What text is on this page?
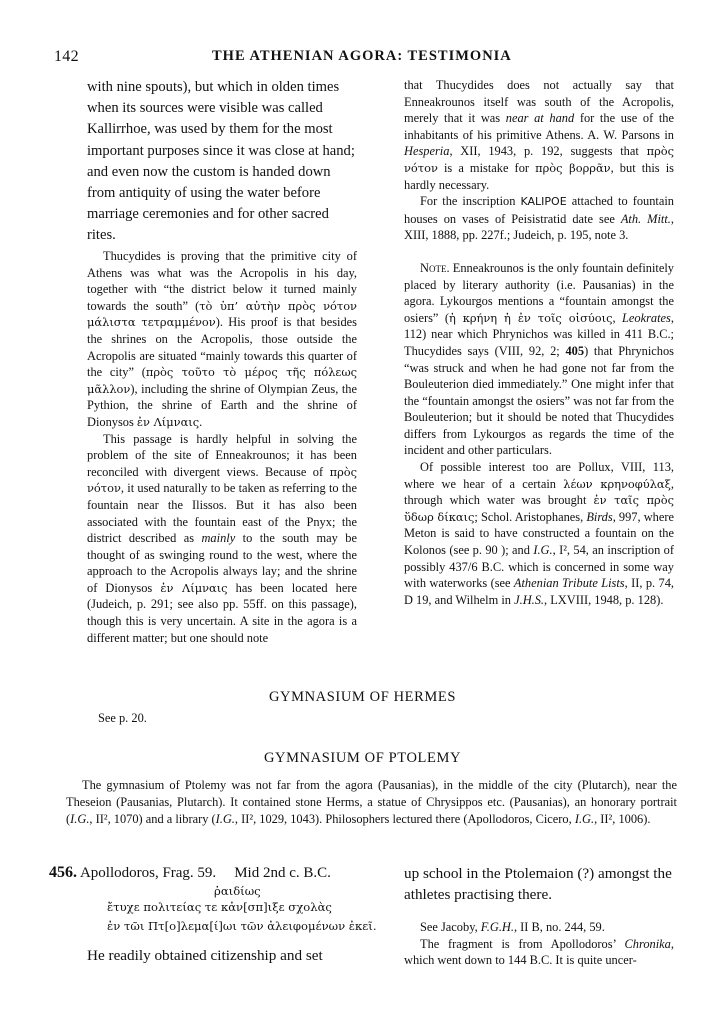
142	THE ATHENIAN AGORA: TESTIMONIA

with nine spouts), but which in olden times when its sources were visible was called Kallirrhoe, was used by them for the most important purposes since it was close at hand; and even now the custom is handed down from antiquity of using the water before marriage ceremonies and for other sacred rites.

Thucydides is proving that the primitive city of Athens was what was the Acropolis in his day, together with “the district below it turned mainly towards the south” (τὸ ὑπ’ αὐτὴν πρὸς νότον μάλιστα τετραμμένον). His proof is that besides the shrines on the Acropolis, those outside the Acropolis are situated “mainly towards this quarter of the city” (πρὸς τοῦτο τὸ μέρος τῆς πόλεως μᾶλλον), including the shrine of Olympian Zeus, the Pythion, the shrine of Earth and the shrine of Dionysos ἐν Λίμναις.

This passage is hardly helpful in solving the problem of the site of Enneakrounos; it has been reconciled with divergent views. Because of πρὸς νότον, it used naturally to be taken as referring to the fountain near the Ilissos. But it has also been associated with the fountain east of the Pnyx; the district described as mainly to the south may be thought of as swinging round to the west, where the approach to the Acropolis always lay; and the shrine of Dionysos ἐν Λίμναις has been located here (Judeich, p. 291; see also pp. 55ff. on this passage), though this is very uncertain. A site in the agora is a different matter; but one should note

that Thucydides does not actually say that Enneakrounos itself was south of the Acropolis, merely that it was near at hand for the use of the inhabitants of his primitive Athens. A. W. Parsons in Hesperia, XII, 1943, p. 192, suggests that πρὸς νότον is a mistake for πρὸς βορρᾶν, but this is hardly necessary.

For the inscription KALIPOE attached to fountain houses on vases of Peisistratid date see Ath. Mitt., XIII, 1888, pp. 227f.; Judeich, p. 195, note 3.

Note. Enneakrounos is the only fountain definitely placed by literary authority (i.e. Pausanias) in the agora. Lykourgos mentions a “fountain amongst the osiers” (ἡ κρήνη ἡ ἐν τοῖς οἰσύοις, Leokrates, 112) near which Phrynichos was killed in 411 B.C.; Thucydides says (VIII, 92, 2; 405) that Phrynichos “was struck and when he had gone not far from the Bouleuterion died immediately.” One might infer that the “fountain amongst the osiers” was not far from the Bouleuterion; but it should be noted that Thucydides differs from Lykourgos as regards the time of the incident and other particulars.

Of possible interest too are Pollux, VIII, 113, where we hear of a certain λέων κρηνοφύλαξ, through which water was brought ἐν ταῖς πρὸς ὕδωρ δίκαις; Schol. Aristophanes, Birds, 997, where Meton is said to have constructed a fountain on the Kolonos (see p. 90 ); and I.G., I², 54, an inscription of possibly 437/6 B.C. which is concerned in some way with waterworks (see Athenian Tribute Lists, II, p. 74, D 19, and Wilhelm in J.H.S., LXVIII, 1948, p. 128).

GYMNASIUM OF HERMES
See p. 20.
GYMNASIUM OF PTOLEMY

The gymnasium of Ptolemy was not far from the agora (Pausanias), in the middle of the city (Plutarch), near the Theseion (Pausanias, Plutarch). It contained stone Herms, a statue of Chrysippos etc. (Pausanias), an honorary portrait (I.G., II², 1070) and a library (I.G., II², 1029, 1043). Philosophers lectured there (Apollodoros, Cicero, I.G., II², 1006).

456. Apollodoros, Frag. 59. Mid 2nd c. B.C.
ῥαιδίως
ἔτυχε πολιτείας τε κἀν[σπ]ιξε σχολὰς
ἐν τῶι Πτ[ο]λεμα[ί]ωι τῶν ἀλειφομένων ἐκεῖ.
He readily obtained citizenship and set
up school in the Ptolemaion (?) amongst the athletes practising there.

See Jacoby, F.G.H., II B, no. 244, 59.

The fragment is from Apollodoros’ Chronika, which went down to 144 B.C. It is quite uncer-
